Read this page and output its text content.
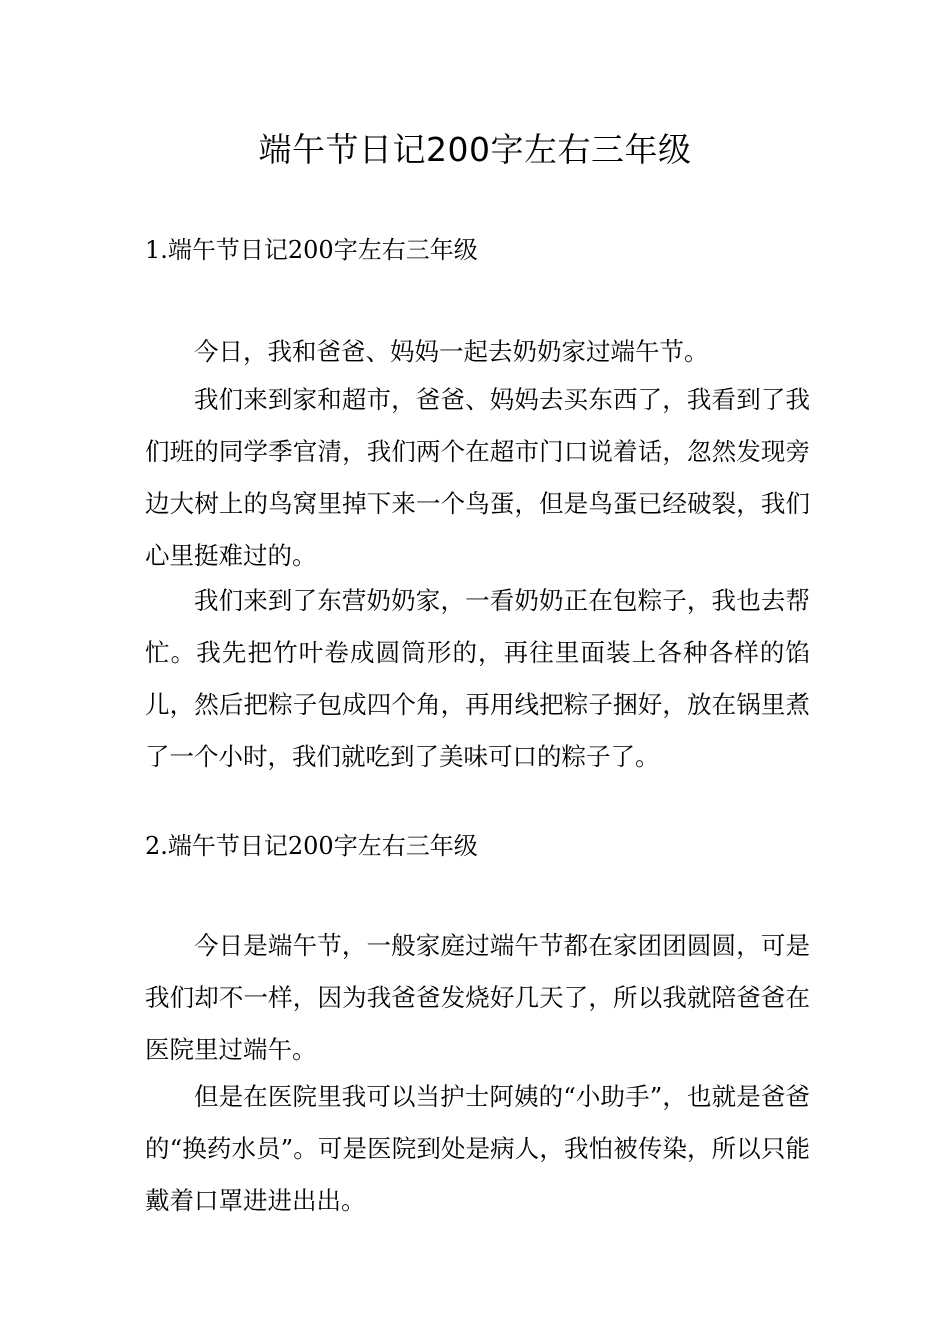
端午节日记200字左右三年级
1.端午节日记200字左右三年级

今日，我和爸爸、妈妈一起去奶奶家过端午节。

我们来到家和超市，爸爸、妈妈去买东西了，我看到了我们班的同学季官清，我们两个在超市门口说着话，忽然发现旁边大树上的鸟窝里掉下来一个鸟蛋，但是鸟蛋已经破裂，我们心里挺难过的。

我们来到了东营奶奶家，一看奶奶正在包粽子，我也去帮忙。我先把竹叶卷成圆筒形的，再往里面装上各种各样的馅儿，然后把粽子包成四个角，再用线把粽子捆好，放在锅里煮了一个小时，我们就吃到了美味可口的粽子了。

2.端午节日记200字左右三年级

今日是端午节，一般家庭过端午节都在家团团圆圆，可是我们却不一样，因为我爸爸发烧好几天了，所以我就陪爸爸在医院里过端午。

但是在医院里我可以当护士阿姨的“小助手”，也就是爸爸的“换药水员”。可是医院到处是病人，我怕被传染，所以只能戴着口罩进进出出。
